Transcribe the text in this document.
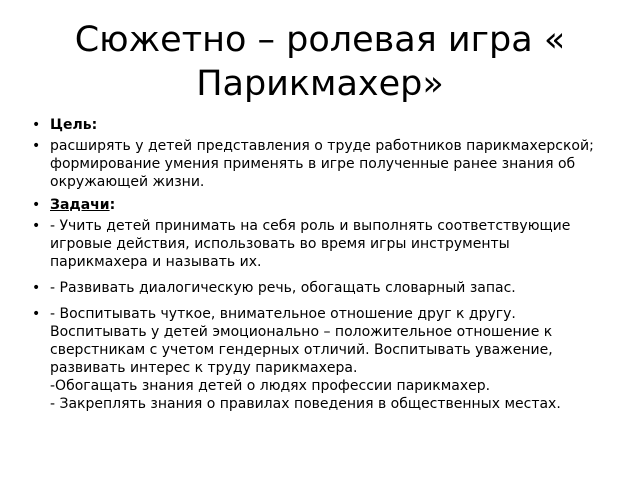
Сюжетно – ролевая игра « Парикмахер»
• Цель:
• расширять у детей представления о труде работников парикмахерской; формирование умения применять в игре полученные ранее знания об окружающей жизни.
• Задачи:
• - Учить детей принимать на себя роль и выполнять соответствующие игровые действия, использовать во время игры инструменты парикмахера и называть их.
• - Развивать диалогическую речь, обогащать словарный запас.
• - Воспитывать чуткое, внимательное отношение друг к другу. Воспитывать у детей эмоционально – положительное отношение к сверстникам с учетом гендерных отличий. Воспитывать уважение, развивать интерес к труду парикмахера.
-Обогащать знания детей о людях профессии парикмахер.
- Закреплять знания о правилах поведения в общественных местах.
